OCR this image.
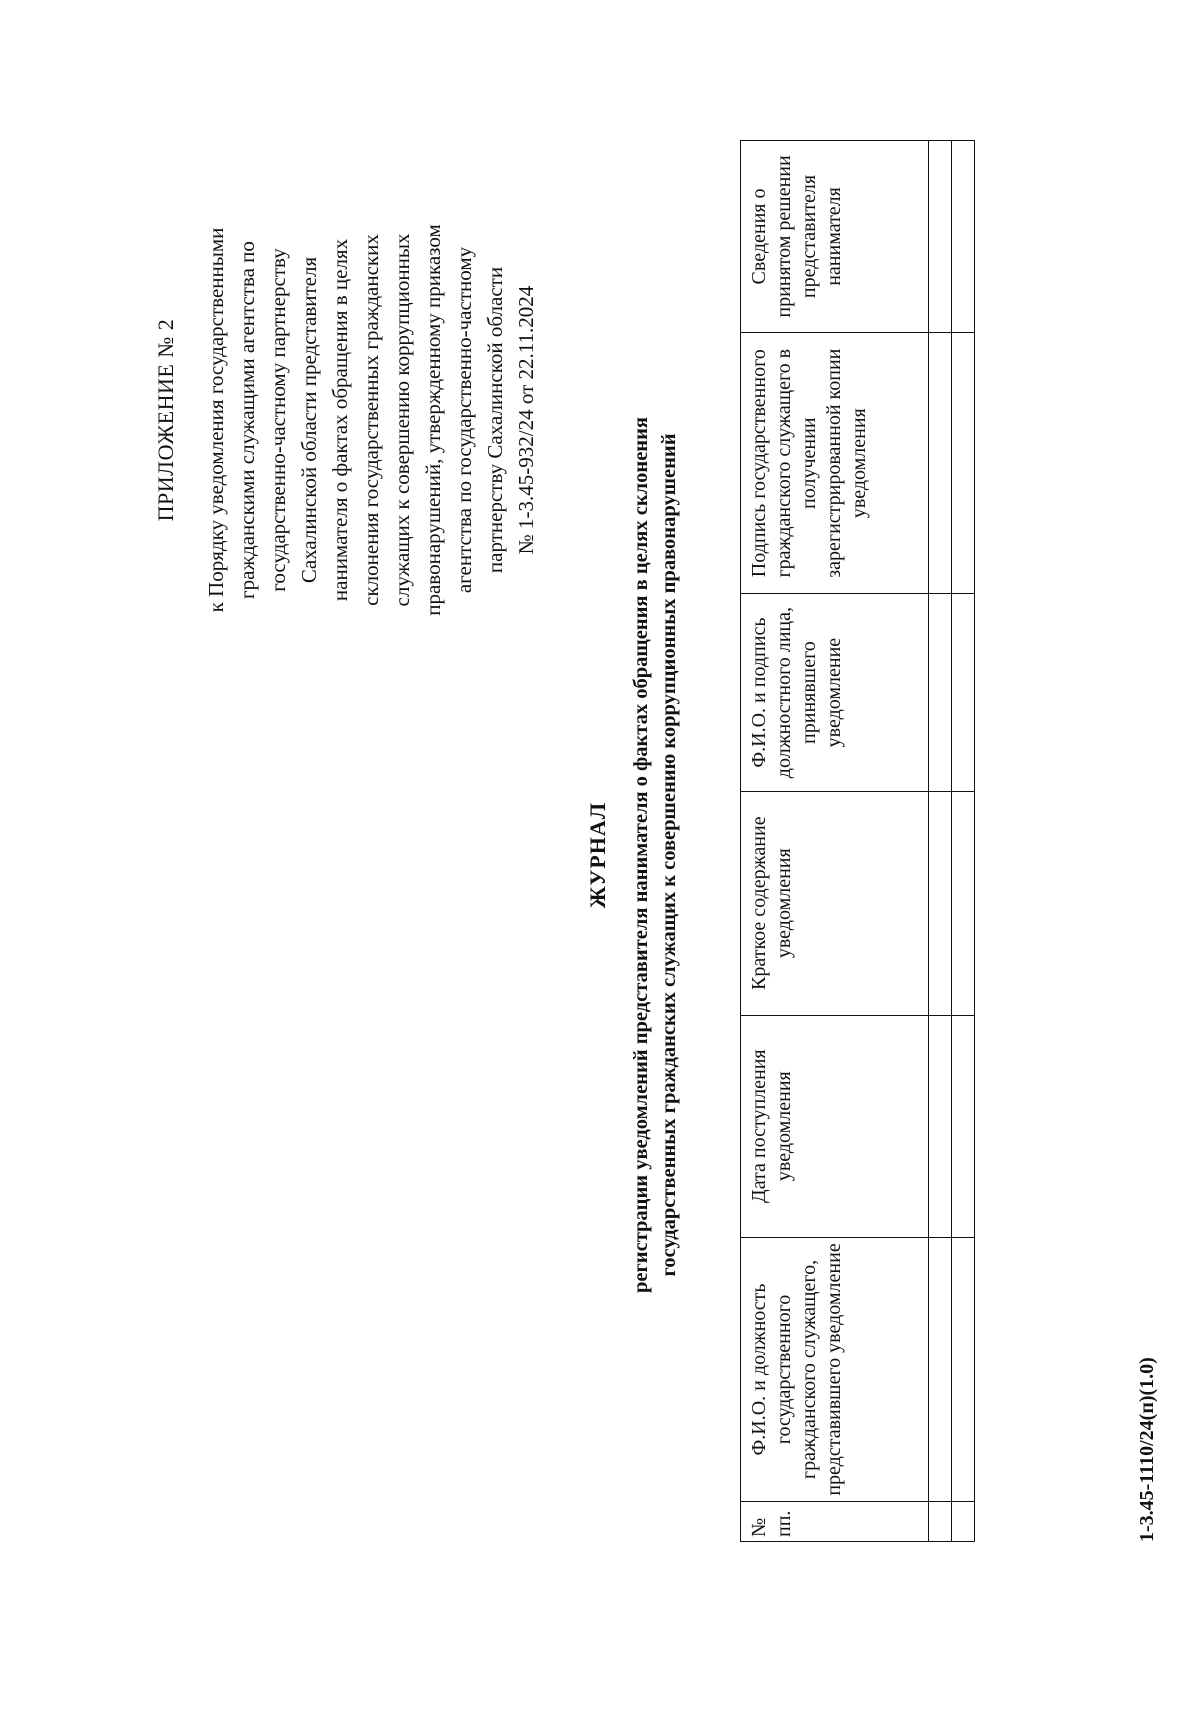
ПРИЛОЖЕНИЕ № 2
к Порядку уведомления государственными
гражданскими служащими агентства по
государственно-частному партнерству
Сахалинской области представителя
нанимателя о фактах обращения в целях
склонения государственных гражданских
служащих к совершению коррупционных
правонарушений, утвержденному приказом
агентства по государственно-частному
партнерству Сахалинской области
№ 1-3.45-932/24 от 22.11.2024
ЖУРНАЛ
регистрации уведомлений представителя нанимателя о фактах обращения в целях склонения
государственных гражданских служащих к совершению коррупционных правонарушений
№ пп.	Ф.И.О. и должность государственного гражданского служащего, представившего уведомление	Дата поступления уведомления	Краткое содержание уведомления	Ф.И.О. и подпись должностного лица, принявшего уведомление	Подпись государственного гражданского служащего в получении зарегистрированной копии уведомления	Сведения о принятом решении представителя нанимателя

1-3.45-1110/24(п)(1.0)
